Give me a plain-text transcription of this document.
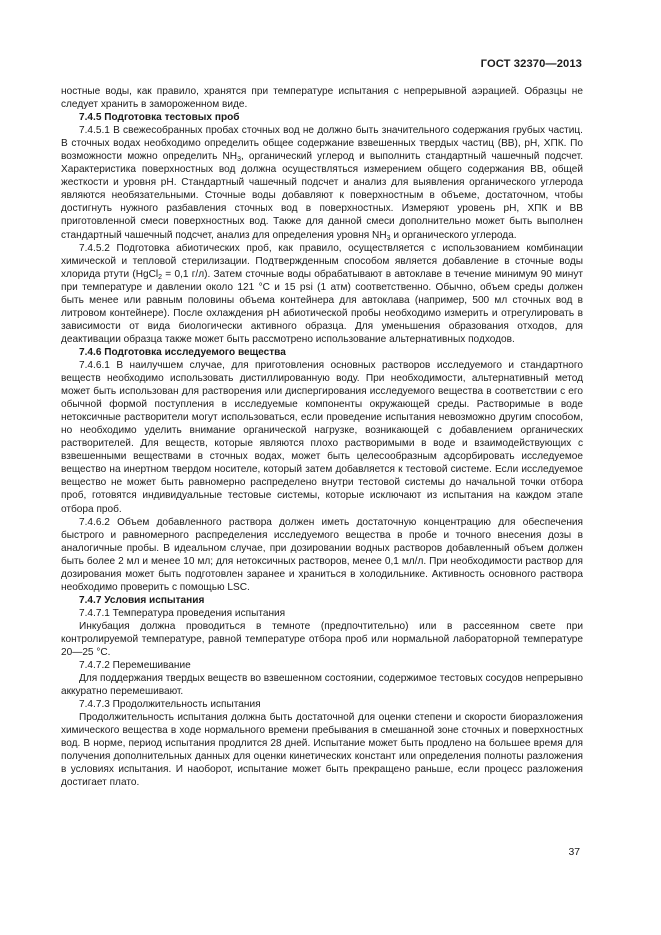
ГОСТ 32370—2013

ностные воды, как правило, хранятся при температуре испытания с непрерывной аэрацией. Образцы не следует хранить в замороженном виде.

7.4.5 Подготовка тестовых проб

7.4.5.1 В свежесобранных пробах сточных вод не должно быть значительного содержания грубых частиц. В сточных водах необходимо определить общее содержание взвешенных твердых частиц (ВВ), pH, ХПК. По возможности можно определить $NH_3$, органический углерод и выполнить стандартный чашечный подсчет. Характеристика поверхностных вод должна осуществляться измерением общего содержания ВВ, общей жесткости и уровня pH. Стандартный чашечный подсчет и анализ для выявления органического углерода являются необязательными. Сточные воды добавляют к поверхностным в объеме, достаточном, чтобы достигнуть нужного разбавления сточных вод в поверхностных. Измеряют уровень pH, ХПК и ВВ приготовленной смеси поверхностных вод. Также для данной смеси дополнительно может быть выполнен стандартный чашечный подсчет, анализ для определения уровня $NH_3$ и органического углерода.

7.4.5.2 Подготовка абиотических проб, как правило, осуществляется с использованием комбинации химической и тепловой стерилизации. Подтвержденным способом является добавление в сточные воды хлорида ртути (HgCl$_2$ = 0,1 г/л). Затем сточные воды обрабатывают в автоклаве в течение минимум 90 минут при температуре и давлении около 121 °С и 15 psi (1 атм) соответственно. Обычно, объем среды должен быть менее или равным половины объема контейнера для автоклава (например, 500 мл сточных вод в литровом контейнере). После охлаждения pH абиотической пробы необходимо измерить и отрегулировать в зависимости от вида биологически активного образца. Для уменьшения образования отходов, для деактивации образца также может быть рассмотрено использование альтернативных подходов.

7.4.6 Подготовка исследуемого вещества

7.4.6.1 В наилучшем случае, для приготовления основных растворов исследуемого и стандартного веществ необходимо использовать дистиллированную воду. При необходимости, альтернативный метод может быть использован для растворения или диспергирования исследуемого вещества в соответствии с его обычной формой поступления в исследуемые компоненты окружающей среды. Растворимые в воде нетоксичные растворители могут использоваться, если проведение испытания невозможно другим способом, но необходимо уделить внимание органической нагрузке, возникающей с добавлением органических растворителей. Для веществ, которые являются плохо растворимыми в воде и взаимодействующих с взвешенными веществами в сточных водах, может быть целесообразным адсорбировать исследуемое вещество на инертном твердом носителе, который затем добавляется к тестовой системе. Если исследуемое вещество не может быть равномерно распределено внутри тестовой системы до начальной точки отбора проб, готовятся индивидуальные тестовые системы, которые исключают из испытания на каждом этапе отбора проб.

7.4.6.2 Объем добавленного раствора должен иметь достаточную концентрацию для обеспечения быстрого и равномерного распределения исследуемого вещества в пробе и точного внесения дозы в аналогичные пробы. В идеальном случае, при дозировании водных растворов добавленный объем должен быть более 2 мл и менее 10 мл; для нетоксичных растворов, менее 0,1 мл/л. При необходимости раствор для дозирования может быть подготовлен заранее и храниться в холодильнике. Активность основного раствора необходимо проверить с помощью LSC.

7.4.7 Условия испытания

7.4.7.1 Температура проведения испытания

Инкубация должна проводиться в темноте (предпочтительно) или в рассеянном свете при контролируемой температуре, равной температуре отбора проб или нормальной лабораторной температуре 20—25 °С.

7.4.7.2 Перемешивание

Для поддержания твердых веществ во взвешенном состоянии, содержимое тестовых сосудов непрерывно аккуратно перемешивают.

7.4.7.3 Продолжительность испытания

Продолжительность испытания должна быть достаточной для оценки степени и скорости биоразложения химического вещества в ходе нормального времени пребывания в смешанной зоне сточных и поверхностных вод. В норме, период испытания продлится 28 дней. Испытание может быть продлено на большее время для получения дополнительных данных для оценки кинетических констант или определения полноты разложения в условиях испытания. И наоборот, испытание может быть прекращено раньше, если процесс разложения достигает плато.

37
